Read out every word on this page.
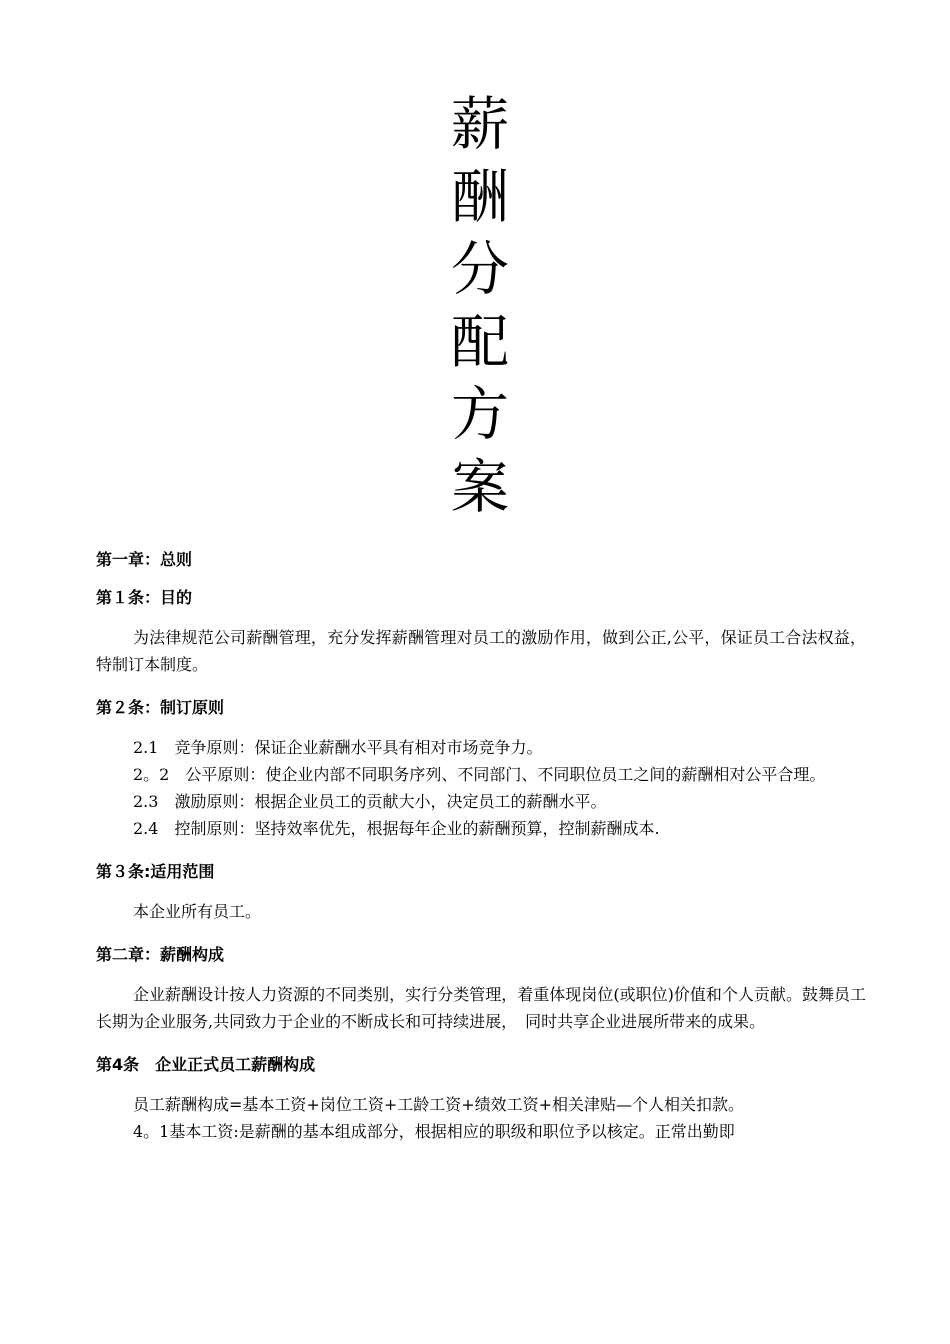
薪
酬
分
配
方
案

第一章：总则

第１条：目的

为法律规范公司薪酬管理，充分发挥薪酬管理对员工的激励作用，做到公正,公平，保证员工合法权益，特制订本制度。

第２条：制订原则

2.1　竞争原则：保证企业薪酬水平具有相对市场竞争力。

2。2　公平原则：使企业内部不同职务序列、不同部门、不同职位员工之间的薪酬相对公平合理。

2.3　激励原则：根据企业员工的贡献大小，决定员工的薪酬水平。

2.4　控制原则：坚持效率优先，根据每年企业的薪酬预算，控制薪酬成本.

第３条:适用范围

本企业所有员工。

第二章：薪酬构成

企业薪酬设计按人力资源的不同类别，实行分类管理，着重体现岗位(或职位)价值和个人贡献。鼓舞员工长期为企业服务,共同致力于企业的不断成长和可持续进展，　同时共享企业进展所带来的成果。

第4条　企业正式员工薪酬构成

员工薪酬构成=基本工资+岗位工资+工龄工资+绩效工资+相关津贴—个人相关扣款。

4。1基本工资:是薪酬的基本组成部分，根据相应的职级和职位予以核定。正常出勤即
